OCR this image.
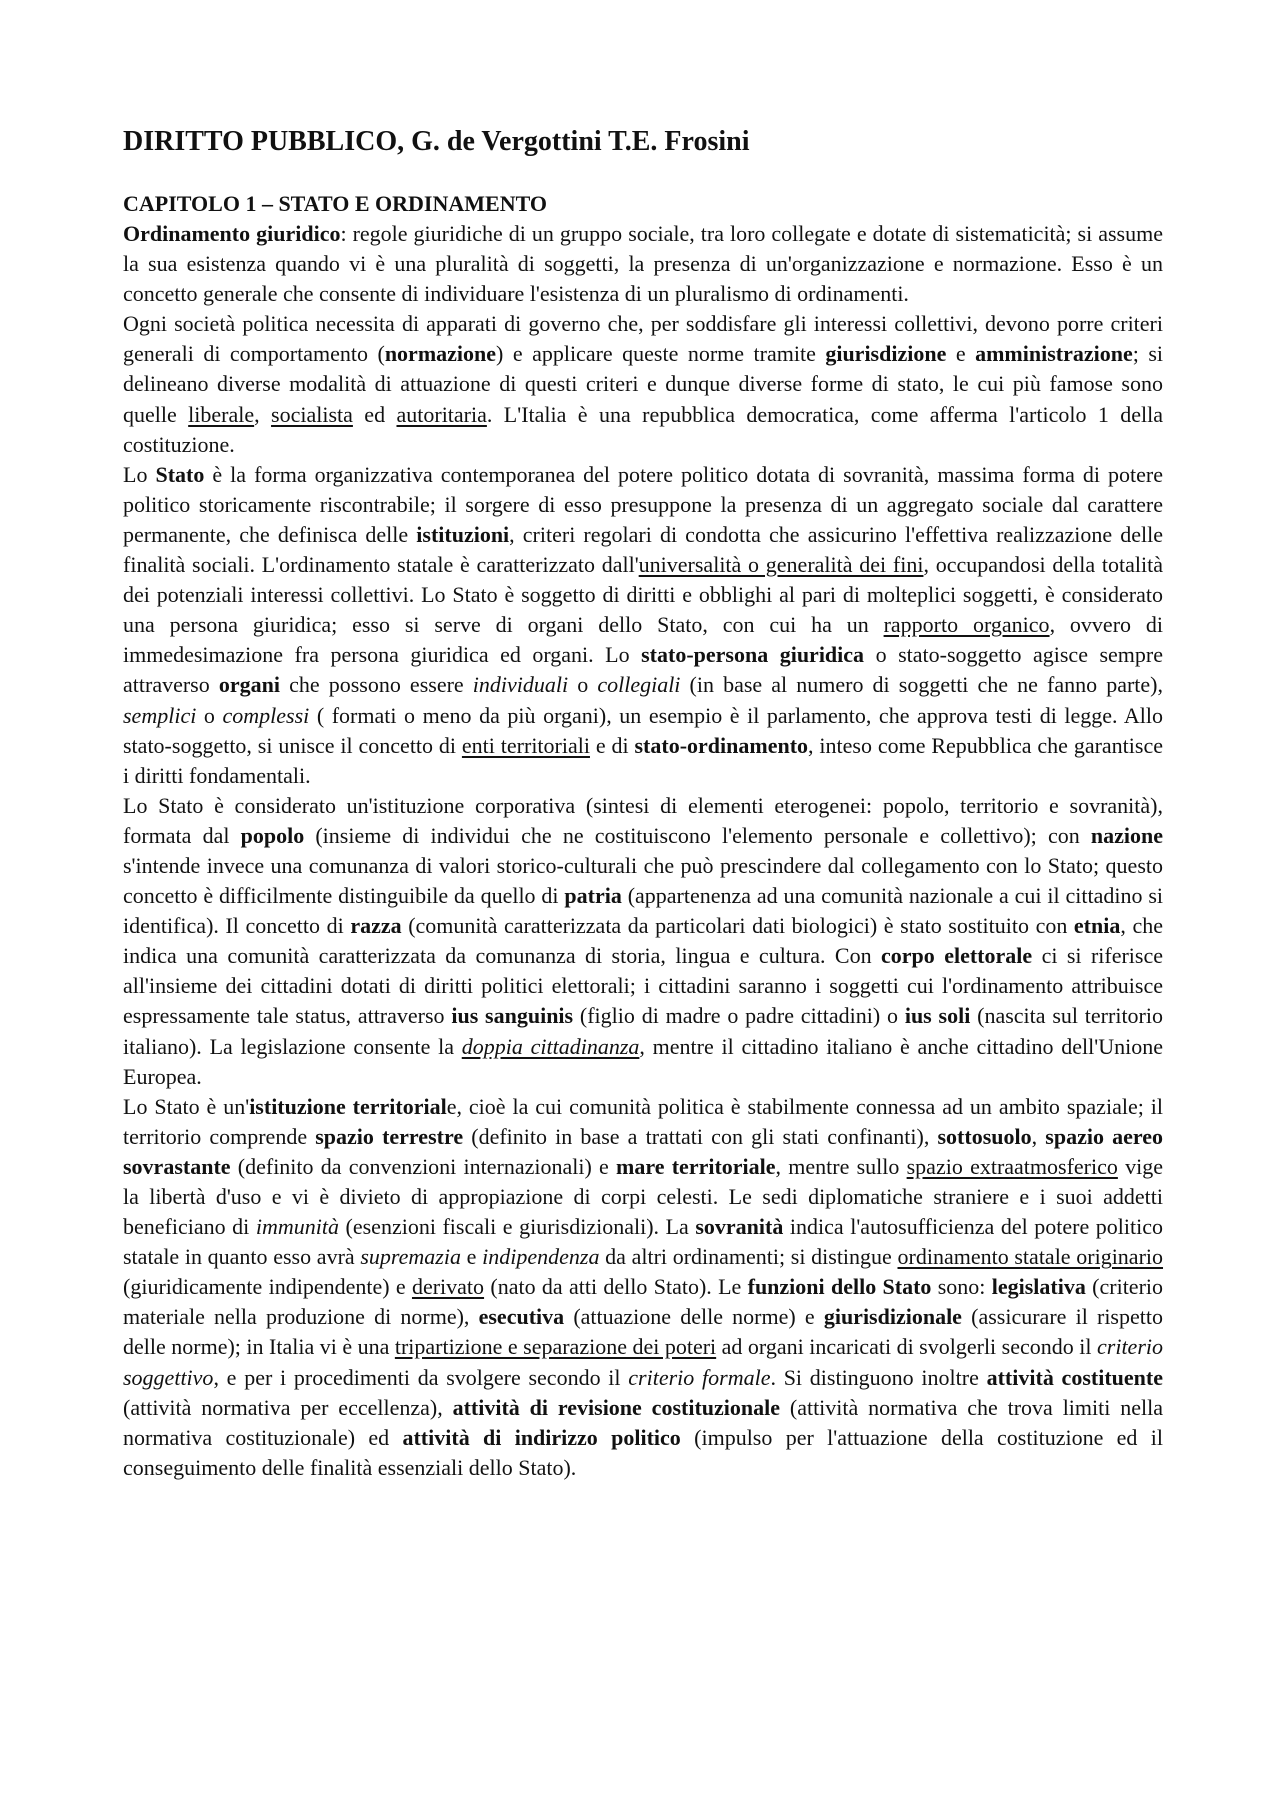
DIRITTO PUBBLICO, G. de Vergottini T.E. Frosini
CAPITOLO 1 – STATO E ORDINAMENTO

Ordinamento giuridico: regole giuridiche di un gruppo sociale, tra loro collegate e dotate di sistematicità; si assume la sua esistenza quando vi è una pluralità di soggetti, la presenza di un'organizzazione e normazione. Esso è un concetto generale che consente di individuare l'esistenza di un pluralismo di ordinamenti.

Ogni società politica necessita di apparati di governo che, per soddisfare gli interessi collettivi, devono porre criteri generali di comportamento (normazione) e applicare queste norme tramite giurisdizione e amministrazione; si delineano diverse modalità di attuazione di questi criteri e dunque diverse forme di stato, le cui più famose sono quelle liberale, socialista ed autoritaria. L'Italia è una repubblica democratica, come afferma l'articolo 1 della costituzione.

Lo Stato è la forma organizzativa contemporanea del potere politico dotata di sovranità, massima forma di potere politico storicamente riscontrabile; il sorgere di esso presuppone la presenza di un aggregato sociale dal carattere permanente, che definisca delle istituzioni, criteri regolari di condotta che assicurino l'effettiva realizzazione delle finalità sociali. L'ordinamento statale è caratterizzato dall'universalità o generalità dei fini, occupandosi della totalità dei potenziali interessi collettivi. Lo Stato è soggetto di diritti e obblighi al pari di molteplici soggetti, è considerato una persona giuridica; esso si serve di organi dello Stato, con cui ha un rapporto organico, ovvero di immedesimazione fra persona giuridica ed organi. Lo stato-persona giuridica o stato-soggetto agisce sempre attraverso organi che possono essere individuali o collegiali (in base al numero di soggetti che ne fanno parte), semplici o complessi ( formati o meno da più organi), un esempio è il parlamento, che approva testi di legge. Allo stato-soggetto, si unisce il concetto di enti territoriali e di stato-ordinamento, inteso come Repubblica che garantisce i diritti fondamentali.

Lo Stato è considerato un'istituzione corporativa (sintesi di elementi eterogenei: popolo, territorio e sovranità), formata dal popolo (insieme di individui che ne costituiscono l'elemento personale e collettivo); con nazione s'intende invece una comunanza di valori storico-culturali che può prescindere dal collegamento con lo Stato; questo concetto è difficilmente distinguibile da quello di patria (appartenenza ad una comunità nazionale a cui il cittadino si identifica). Il concetto di razza (comunità caratterizzata da particolari dati biologici) è stato sostituito con etnia, che indica una comunità caratterizzata da comunanza di storia, lingua e cultura. Con corpo elettorale ci si riferisce all'insieme dei cittadini dotati di diritti politici elettorali; i cittadini saranno i soggetti cui l'ordinamento attribuisce espressamente tale status, attraverso ius sanguinis (figlio di madre o padre cittadini) o ius soli (nascita sul territorio italiano). La legislazione consente la doppia cittadinanza, mentre il cittadino italiano è anche cittadino dell'Unione Europea.

Lo Stato è un'istituzione territoriale, cioè la cui comunità politica è stabilmente connessa ad un ambito spaziale; il territorio comprende spazio terrestre (definito in base a trattati con gli stati confinanti), sottosuolo, spazio aereo sovrastante (definito da convenzioni internazionali) e mare territoriale, mentre sullo spazio extraatmosferico vige la libertà d'uso e vi è divieto di appropiazione di corpi celesti. Le sedi diplomatiche straniere e i suoi addetti beneficiano di immunità (esenzioni fiscali e giurisdizionali). La sovranità indica l'autosufficienza del potere politico statale in quanto esso avrà supremazia e indipendenza da altri ordinamenti; si distingue ordinamento statale originario (giuridicamente indipendente) e derivato (nato da atti dello Stato). Le funzioni dello Stato sono: legislativa (criterio materiale nella produzione di norme), esecutiva (attuazione delle norme) e giurisdizionale (assicurare il rispetto delle norme); in Italia vi è una tripartizione e separazione dei poteri ad organi incaricati di svolgerli secondo il criterio soggettivo, e per i procedimenti da svolgere secondo il criterio formale. Si distinguono inoltre attività costituente (attività normativa per eccellenza), attività di revisione costituzionale (attività normativa che trova limiti nella normativa costituzionale) ed attività di indirizzo politico (impulso per l'attuazione della costituzione ed il conseguimento delle finalità essenziali dello Stato).
